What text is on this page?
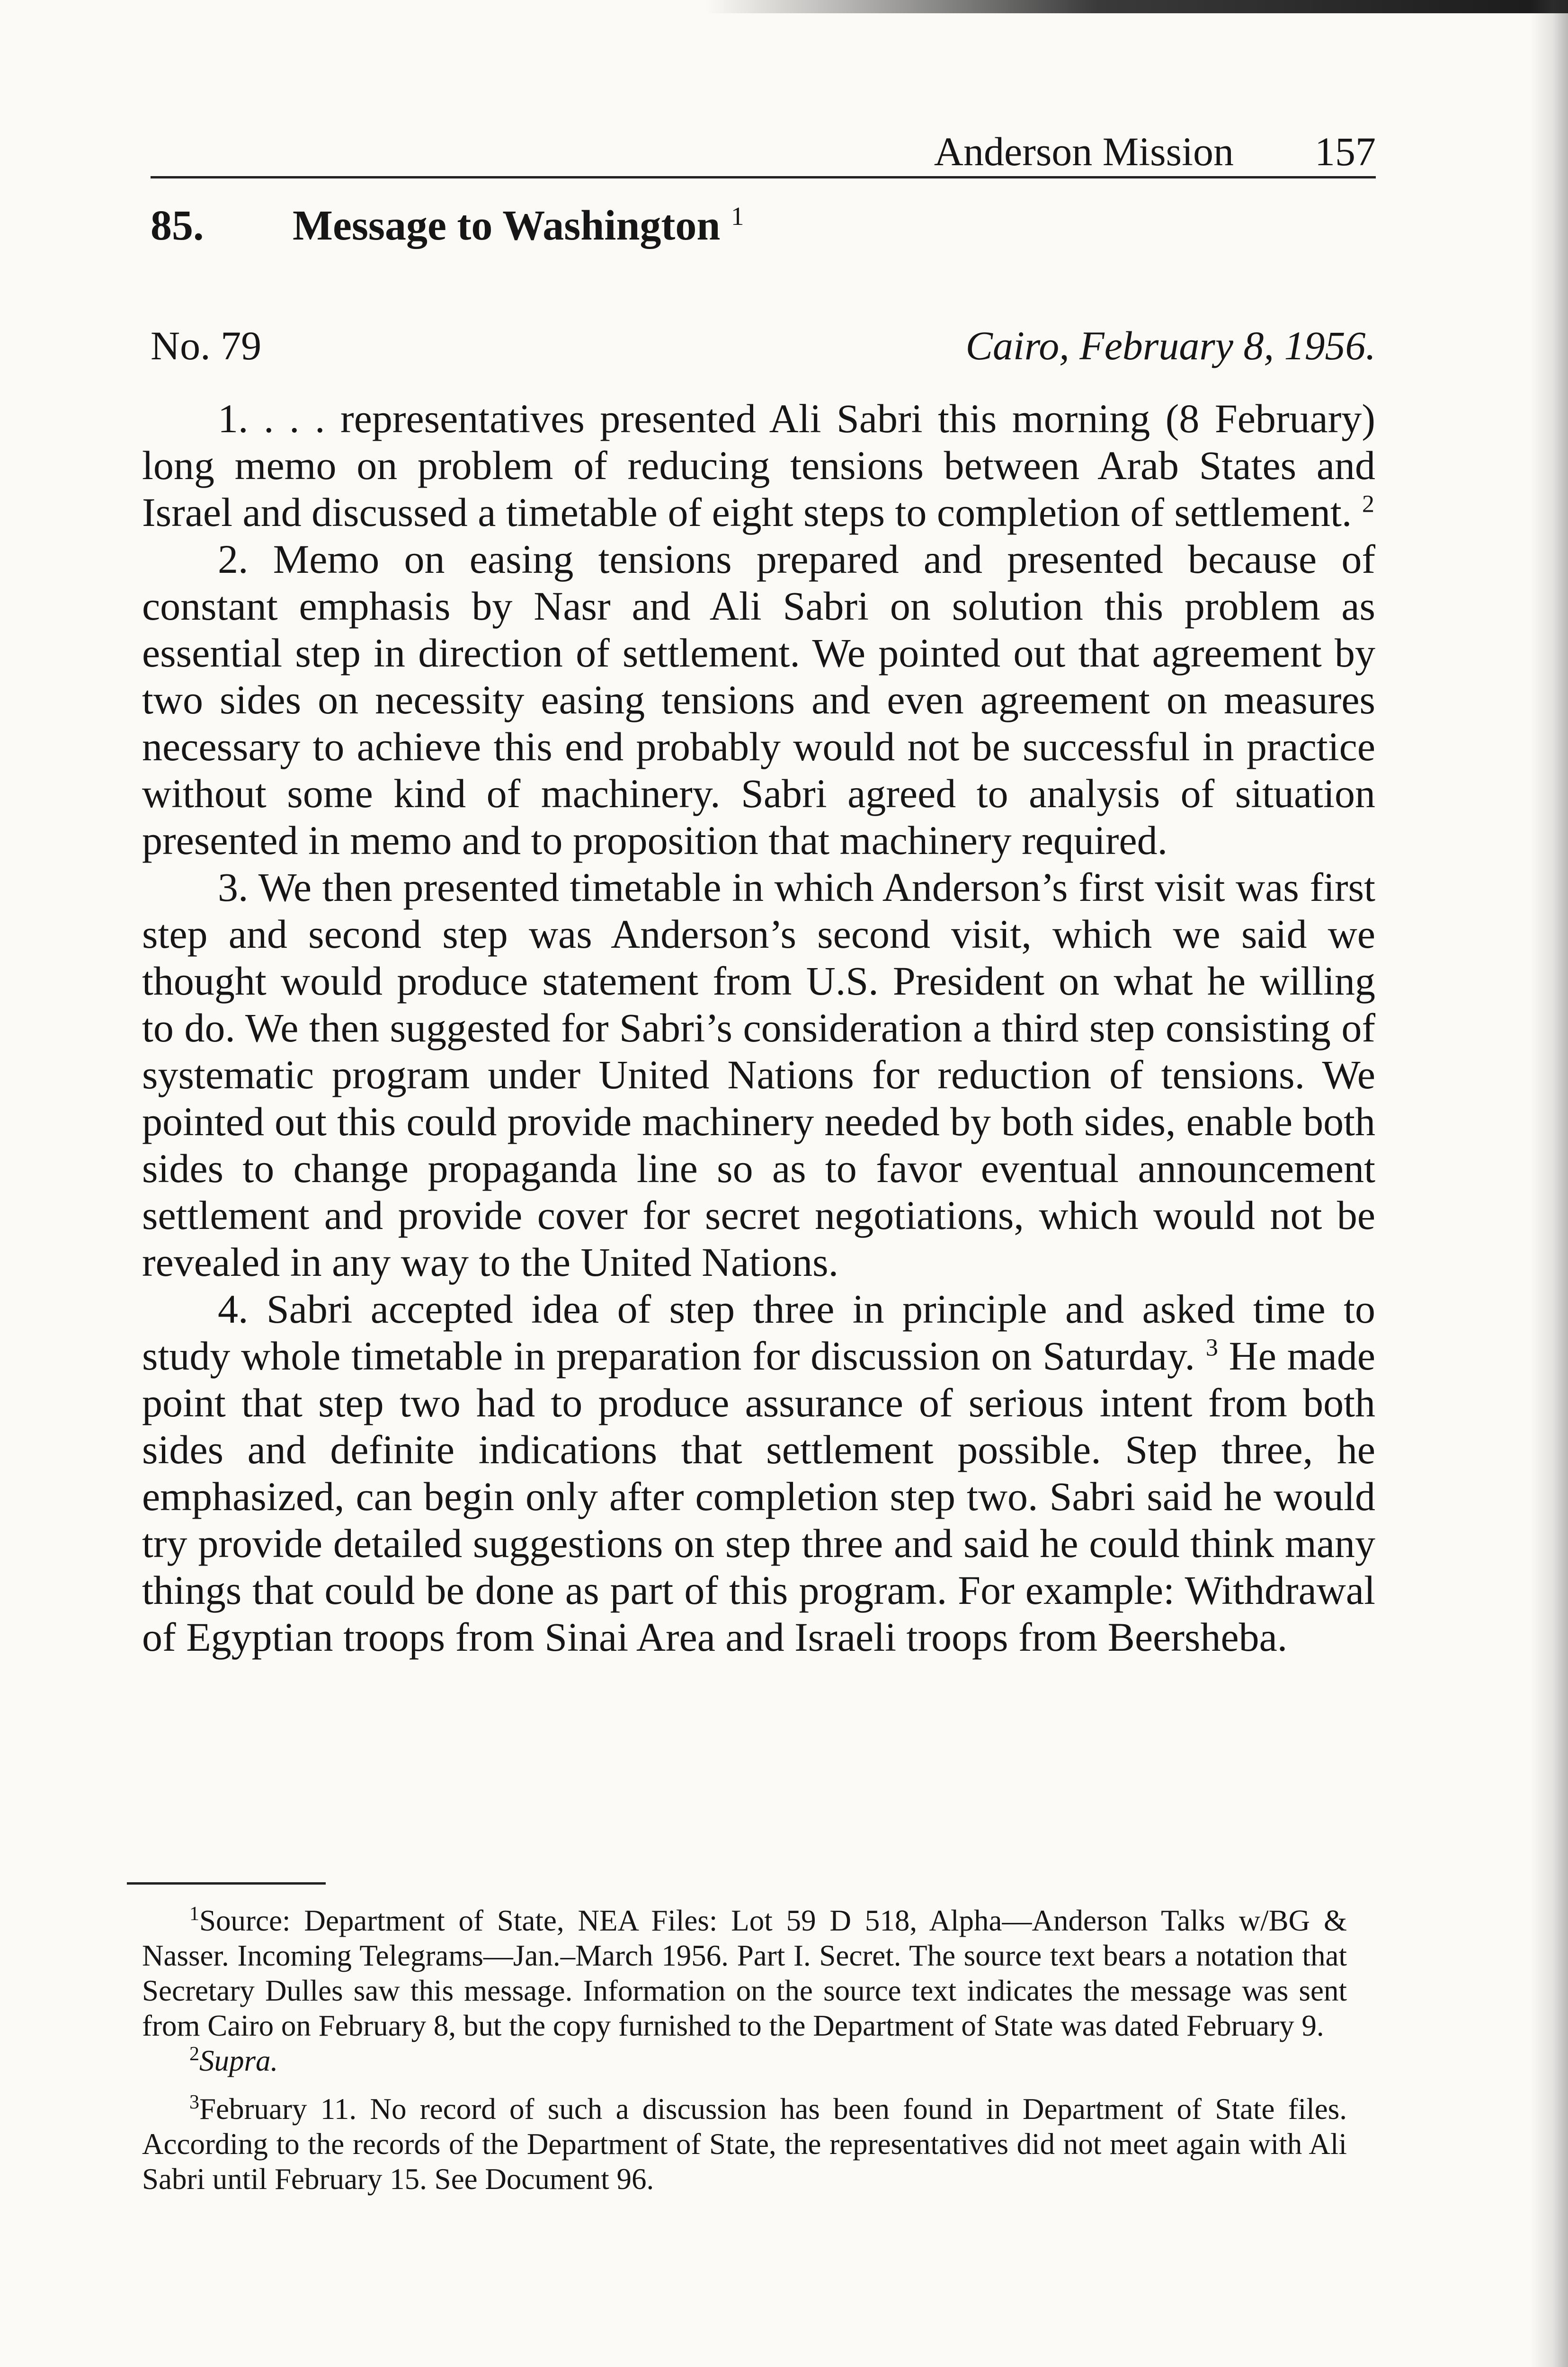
Anderson Mission 157
85. Message to Washington $^1$
No. 79	Cairo, February 8, 1956.

1. . . . representatives presented Ali Sabri this morning (8 February) long memo on problem of reducing tensions between Arab States and Israel and discussed a timetable of eight steps to completion of settlement. $^2$

2. Memo on easing tensions prepared and presented because of constant emphasis by Nasr and Ali Sabri on solution this problem as essential step in direction of settlement. We pointed out that agreement by two sides on necessity easing tensions and even agreement on measures necessary to achieve this end probably would not be successful in practice without some kind of machinery. Sabri agreed to analysis of situation presented in memo and to proposition that machinery required.

3. We then presented timetable in which Anderson’s first visit was first step and second step was Anderson’s second visit, which we said we thought would produce statement from U.S. President on what he willing to do. We then suggested for Sabri’s consideration a third step consisting of systematic program under United Nations for reduction of tensions. We pointed out this could provide machinery needed by both sides, enable both sides to change propaganda line so as to favor eventual announcement settlement and provide cover for secret negotiations, which would not be revealed in any way to the United Nations.

4. Sabri accepted idea of step three in principle and asked time to study whole timetable in preparation for discussion on Saturday. $^3$ He made point that step two had to produce assurance of serious intent from both sides and definite indications that settlement possible. Step three, he emphasized, can begin only after completion step two. Sabri said he would try provide detailed suggestions on step three and said he could think many things that could be done as part of this program. For example: Withdrawal of Egyptian troops from Sinai Area and Israeli troops from Beersheba.

$^1$Source: Department of State, NEA Files: Lot 59 D 518, Alpha—Anderson Talks w/BG & Nasser. Incoming Telegrams—Jan.–March 1956. Part I. Secret. The source text bears a notation that Secretary Dulles saw this message. Information on the source text indicates the message was sent from Cairo on February 8, but the copy furnished to the Department of State was dated February 9.

$^2$Supra.

$^3$February 11. No record of such a discussion has been found in Department of State files. According to the records of the Department of State, the representatives did not meet again with Ali Sabri until February 15. See Document 96.
